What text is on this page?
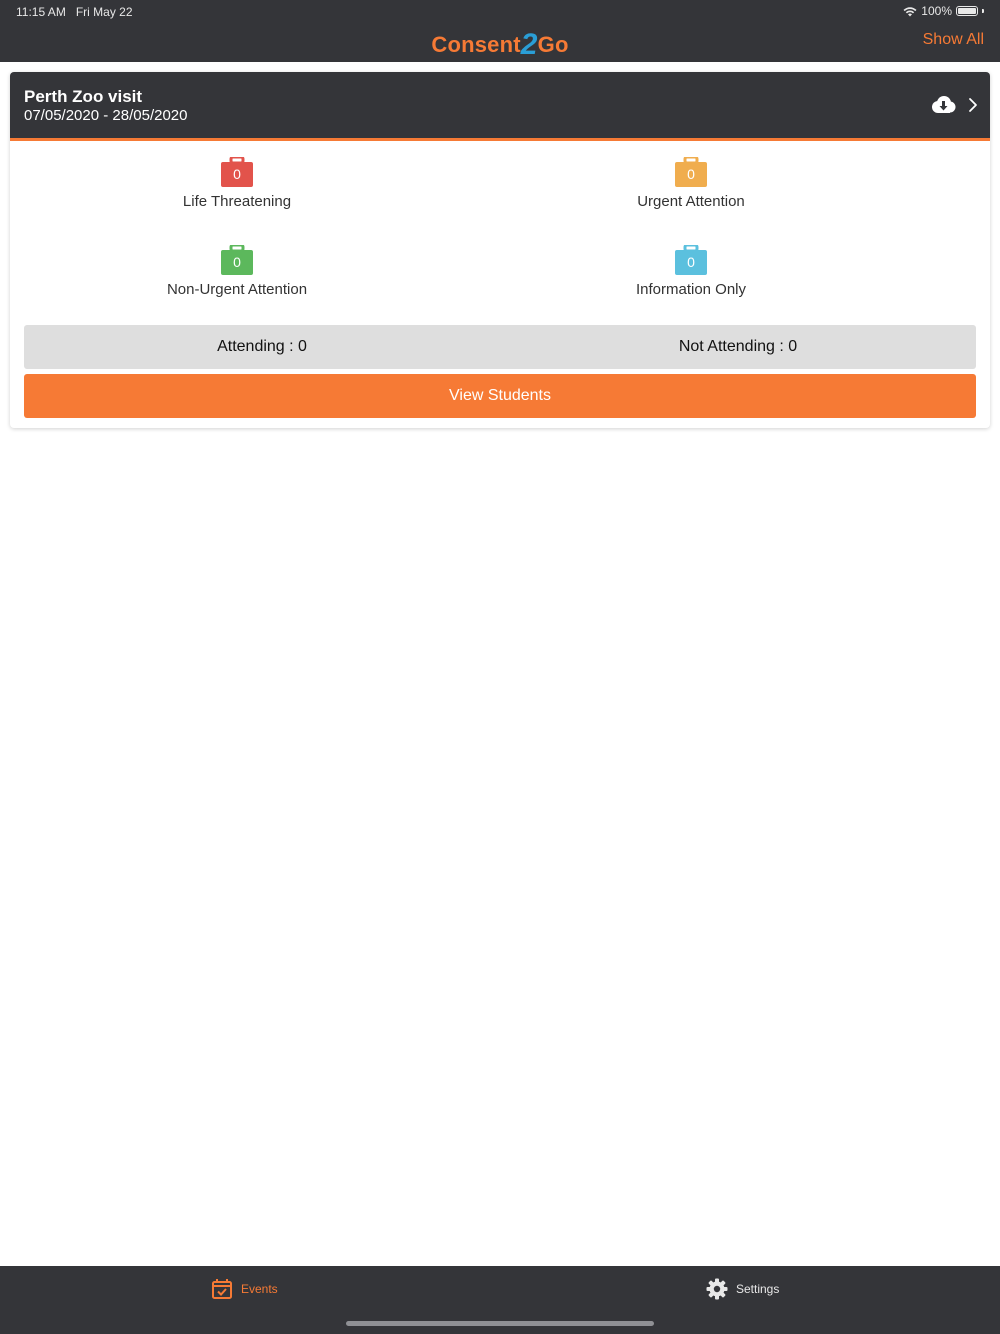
11:15 AM Fri May 22	100%
Consent2Go	Show All
Perth Zoo visit
07/05/2020 - 28/05/2020
0
Life Threatening
0
Urgent Attention
0
Non-Urgent Attention
0
Information Only
Attending : 0	Not Attending : 0
View Students
Events	Settings
